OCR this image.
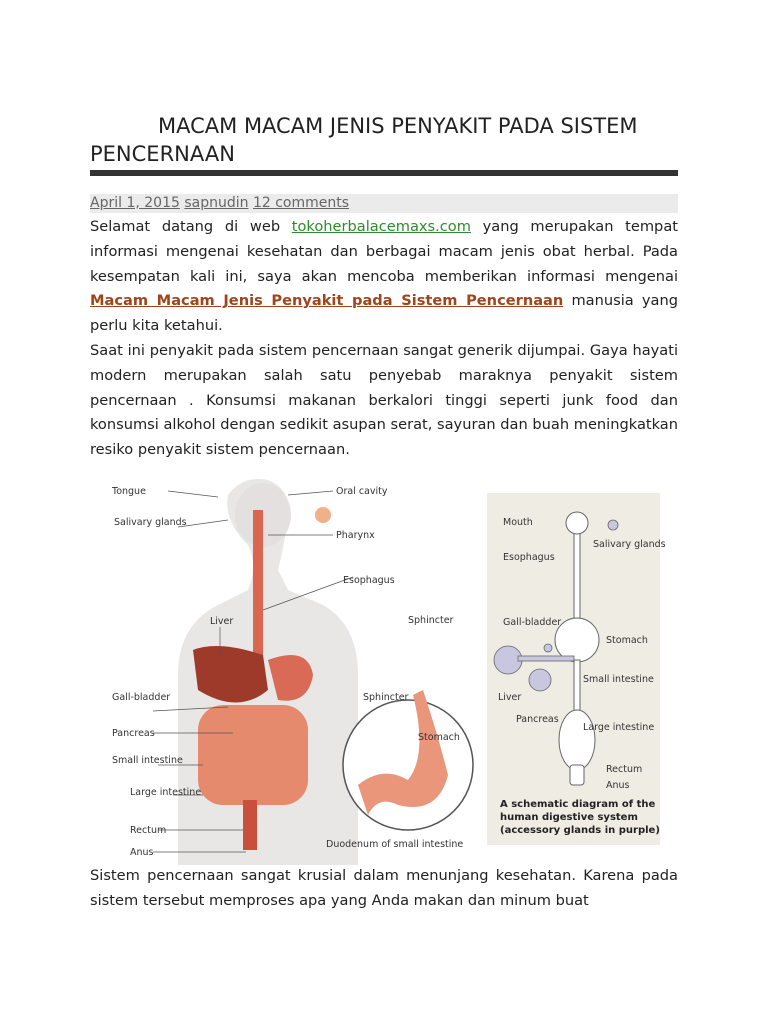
MACAM MACAM JENIS PENYAKIT PADA SISTEM PENCERNAAN
April 1, 2015 sapnudin 12 comments
Selamat datang di web tokoherbalacemaxs.com yang merupakan tempat informasi mengenai kesehatan dan berbagai macam jenis obat herbal. Pada kesempatan kali ini, saya akan mencoba memberikan informasi mengenai Macam Macam Jenis Penyakit pada Sistem Pencernaan manusia yang perlu kita ketahui.
Saat ini penyakit pada sistem pencernaan sangat generik dijumpai. Gaya hayati modern merupakan salah satu penyebab maraknya penyakit sistem pencernaan . Konsumsi makanan berkalori tinggi seperti junk food dan konsumsi alkohol dengan sedikit asupan serat, sayuran dan buah meningkatkan resiko penyakit sistem pencernaan.
Tongue
Salivary glands
Oral cavity
Pharynx
Esophagus
Liver
Gall-bladder
Pancreas
Small intestine
Large intestine
Rectum
Anus
Sphincter
Sphincter
Stomach
Duodenum of small intestine
Mouth
Salivary glands
Esophagus
Gall-bladder
Stomach
Liver
Small intestine
Pancreas
Large intestine
Rectum
Anus
A schematic diagram of the
human digestive system
(accessory glands in purple)
Sistem pencernaan sangat krusial dalam menunjang kesehatan. Karena pada sistem tersebut memproses apa yang Anda makan dan minum buat
